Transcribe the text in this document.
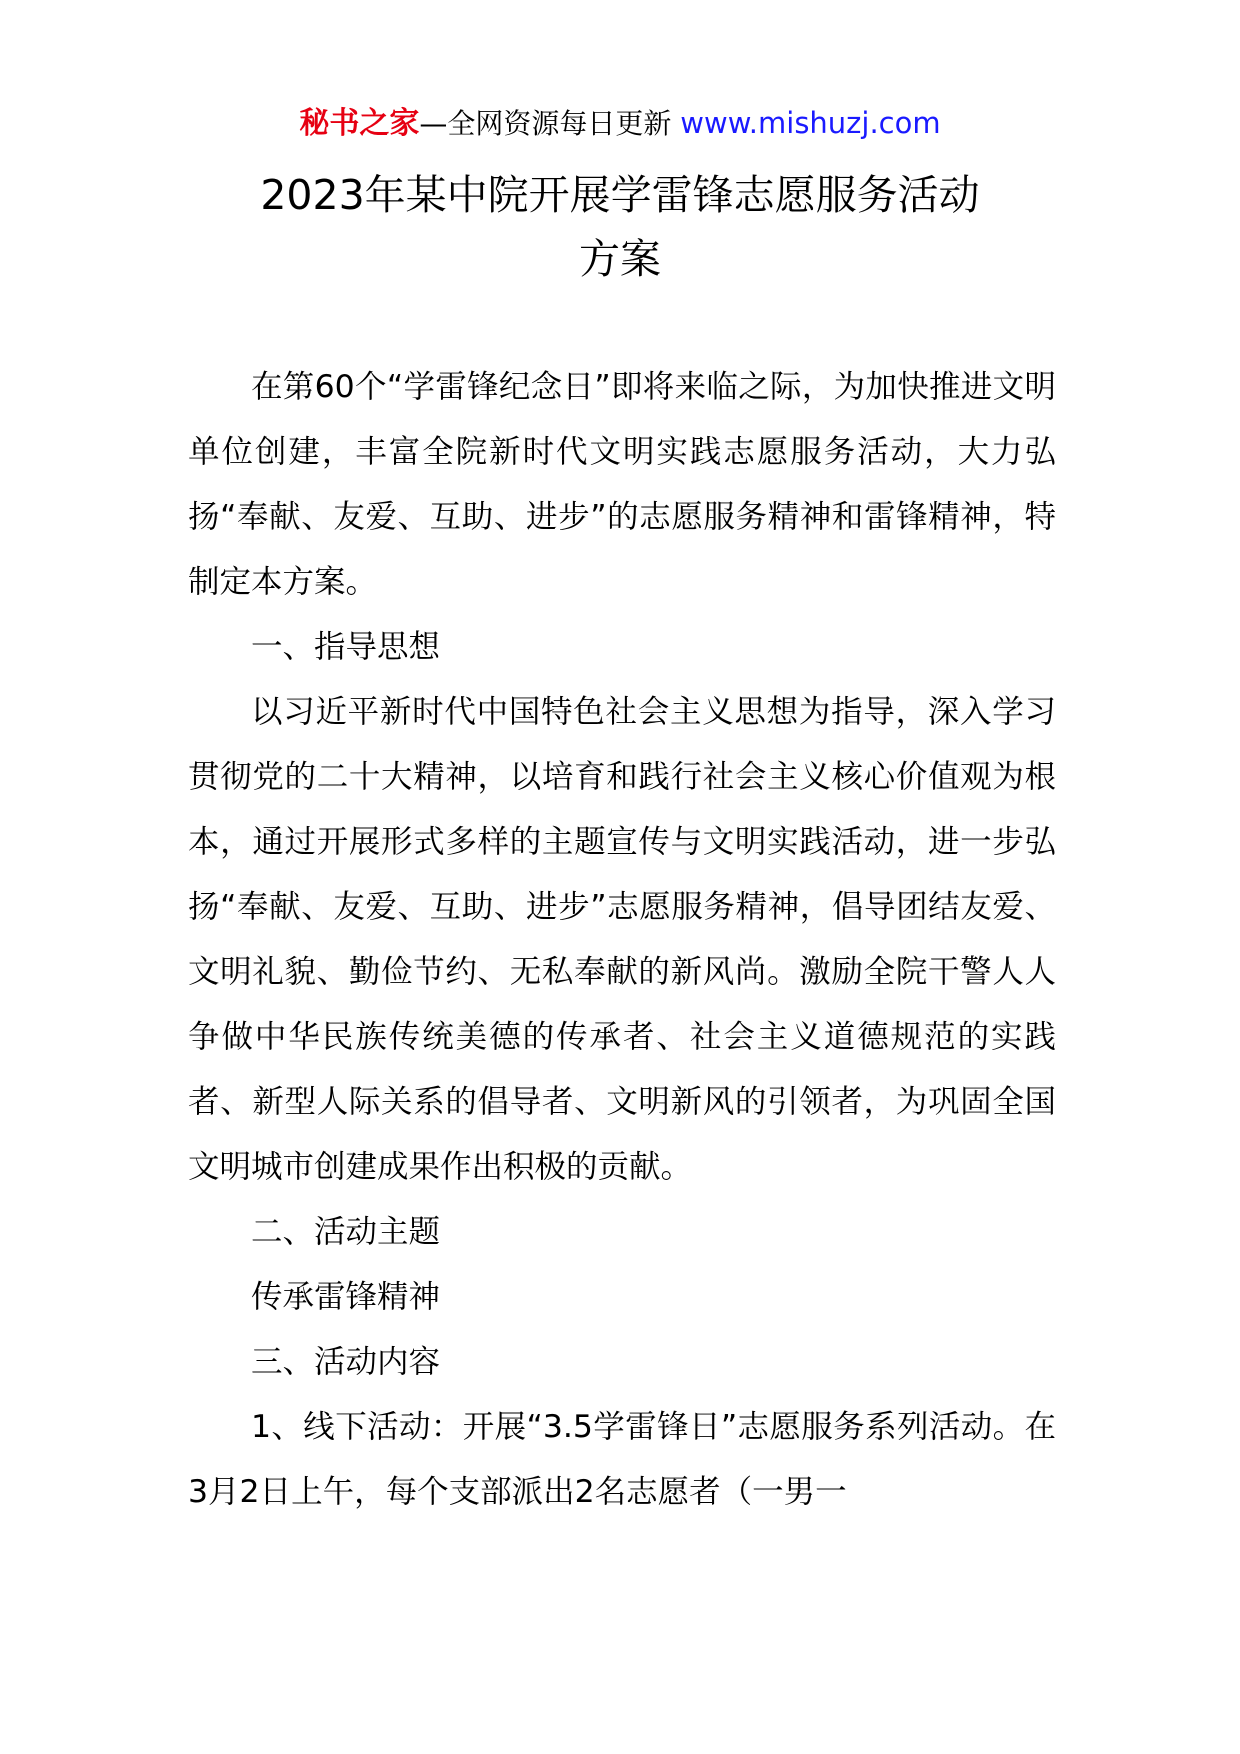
秘书之家—全网资源每日更新 www.mishuzj.com
2023年某中院开展学雷锋志愿服务活动
方案

在第60个“学雷锋纪念日”即将来临之际，为加快推进文明单位创建，丰富全院新时代文明实践志愿服务活动，大力弘扬“奉献、友爱、互助、进步”的志愿服务精神和雷锋精神，特制定本方案。

一、指导思想

以习近平新时代中国特色社会主义思想为指导，深入学习贯彻党的二十大精神，以培育和践行社会主义核心价值观为根本，通过开展形式多样的主题宣传与文明实践活动，进一步弘扬“奉献、友爱、互助、进步”志愿服务精神，倡导团结友爱、文明礼貌、勤俭节约、无私奉献的新风尚。激励全院干警人人争做中华民族传统美德的传承者、社会主义道德规范的实践者、新型人际关系的倡导者、文明新风的引领者，为巩固全国文明城市创建成果作出积极的贡献。

二、活动主题

传承雷锋精神

三、活动内容

1、线下活动：开展“3.5学雷锋日”志愿服务系列活动。在3月2日上午，每个支部派出2名志愿者（一男一
